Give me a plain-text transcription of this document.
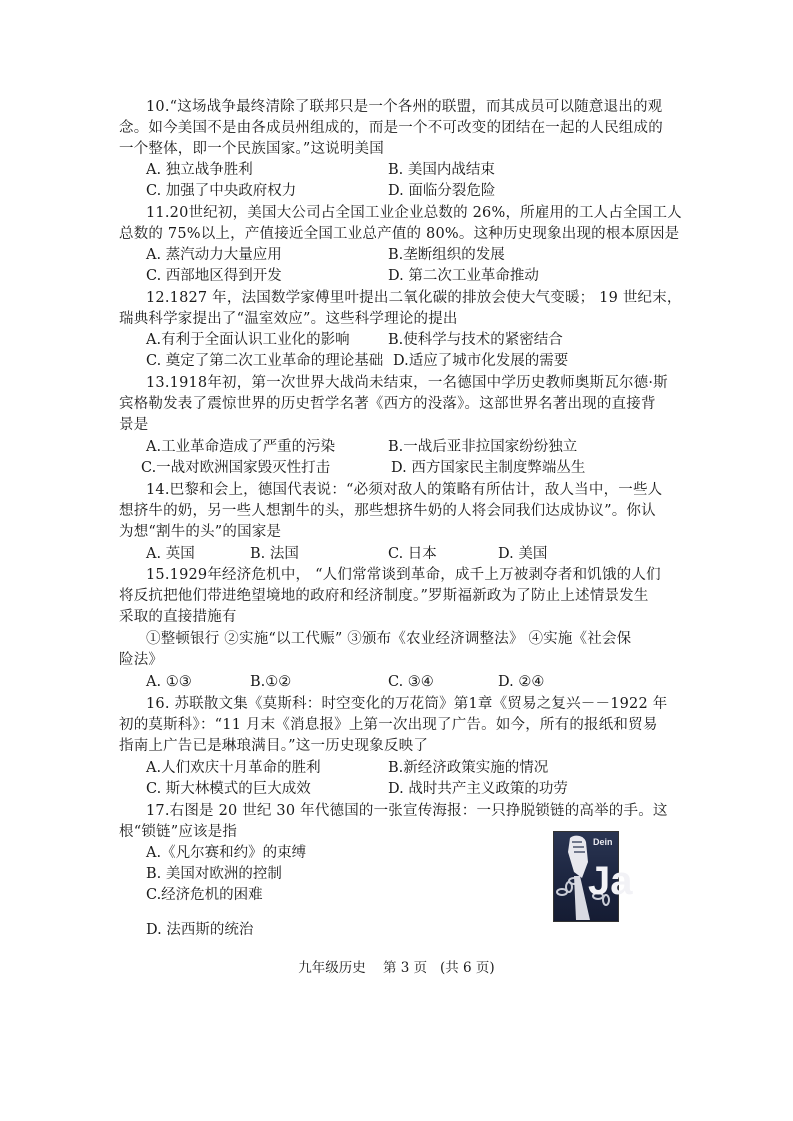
10.“这场战争最终清除了联邦只是一个各州的联盟，而其成员可以随意退出的观
念。如今美国不是由各成员州组成的，而是一个不可改变的团结在一起的人民组成的
一个整体，即一个民族国家。”这说明美国
A. 独立战争胜利	B. 美国内战结束
C. 加强了中央政府权力	D. 面临分裂危险
11.20世纪初，美国大公司占全国工业企业总数的 26%，所雇用的工人占全国工人
总数的 75%以上，产值接近全国工业总产值的 80%。这种历史现象出现的根本原因是
A. 蒸汽动力大量应用	B.垄断组织的发展
C. 西部地区得到开发	D. 第二次工业革命推动
12.1827 年，法国数学家傅里叶提出二氧化碳的排放会使大气变暖； 19 世纪末，
瑞典科学家提出了“温室效应”。这些科学理论的提出
A.有利于全面认识工业化的影响	B.使科学与技术的紧密结合
C. 奠定了第二次工业革命的理论基础 D.适应了城市化发展的需要
13.1918年初，第一次世界大战尚未结束，一名德国中学历史教师奥斯瓦尔德·斯
宾格勒发表了震惊世界的历史哲学名著《西方的没落》。这部世界名著出现的直接背
景是
A.工业革命造成了严重的污染	B.一战后亚非拉国家纷纷独立
C.一战对欧洲国家毁灭性打击	D. 西方国家民主制度弊端丛生
14.巴黎和会上，德国代表说：“必须对敌人的策略有所估计，敌人当中，一些人
想挤牛的奶，另一些人想割牛的头，那些想挤牛奶的人将会同我们达成协议”。你认
为想“割牛的头”的国家是
A. 英国	B. 法国	C. 日本	D. 美国
15.1929年经济危机中， “人们常常谈到革命，成千上万被剥夺者和饥饿的人们
将反抗把他们带进绝望境地的政府和经济制度。”罗斯福新政为了防止上述情景发生
采取的直接措施有
①整顿银行 ②实施“以工代赈” ③颁布《农业经济调整法》 ④实施《社会保
险法》
A. ①③	B.①②	C. ③④	D. ②④
16. 苏联散文集《莫斯科：时空变化的万花筒》第1章《贸易之复兴－－1922 年
初的莫斯科》：“11 月末《消息报》上第一次出现了广告。如今，所有的报纸和贸易
指南上广告已是琳琅满目。”这一历史现象反映了
A.人们欢庆十月革命的胜利	B.新经济政策实施的情况
C. 斯大林模式的巨大成效	D. 战时共产主义政策的功劳
17.右图是 20 世纪 30 年代德国的一张宣传海报：一只挣脱锁链的高举的手。这
根“锁链”应该是指
A.《凡尔赛和约》的束缚
B. 美国对欧洲的控制
C.经济危机的困难
D. 法西斯的统治
Dein
Ja
九年级历史    第 3 页   (共 6 页)
